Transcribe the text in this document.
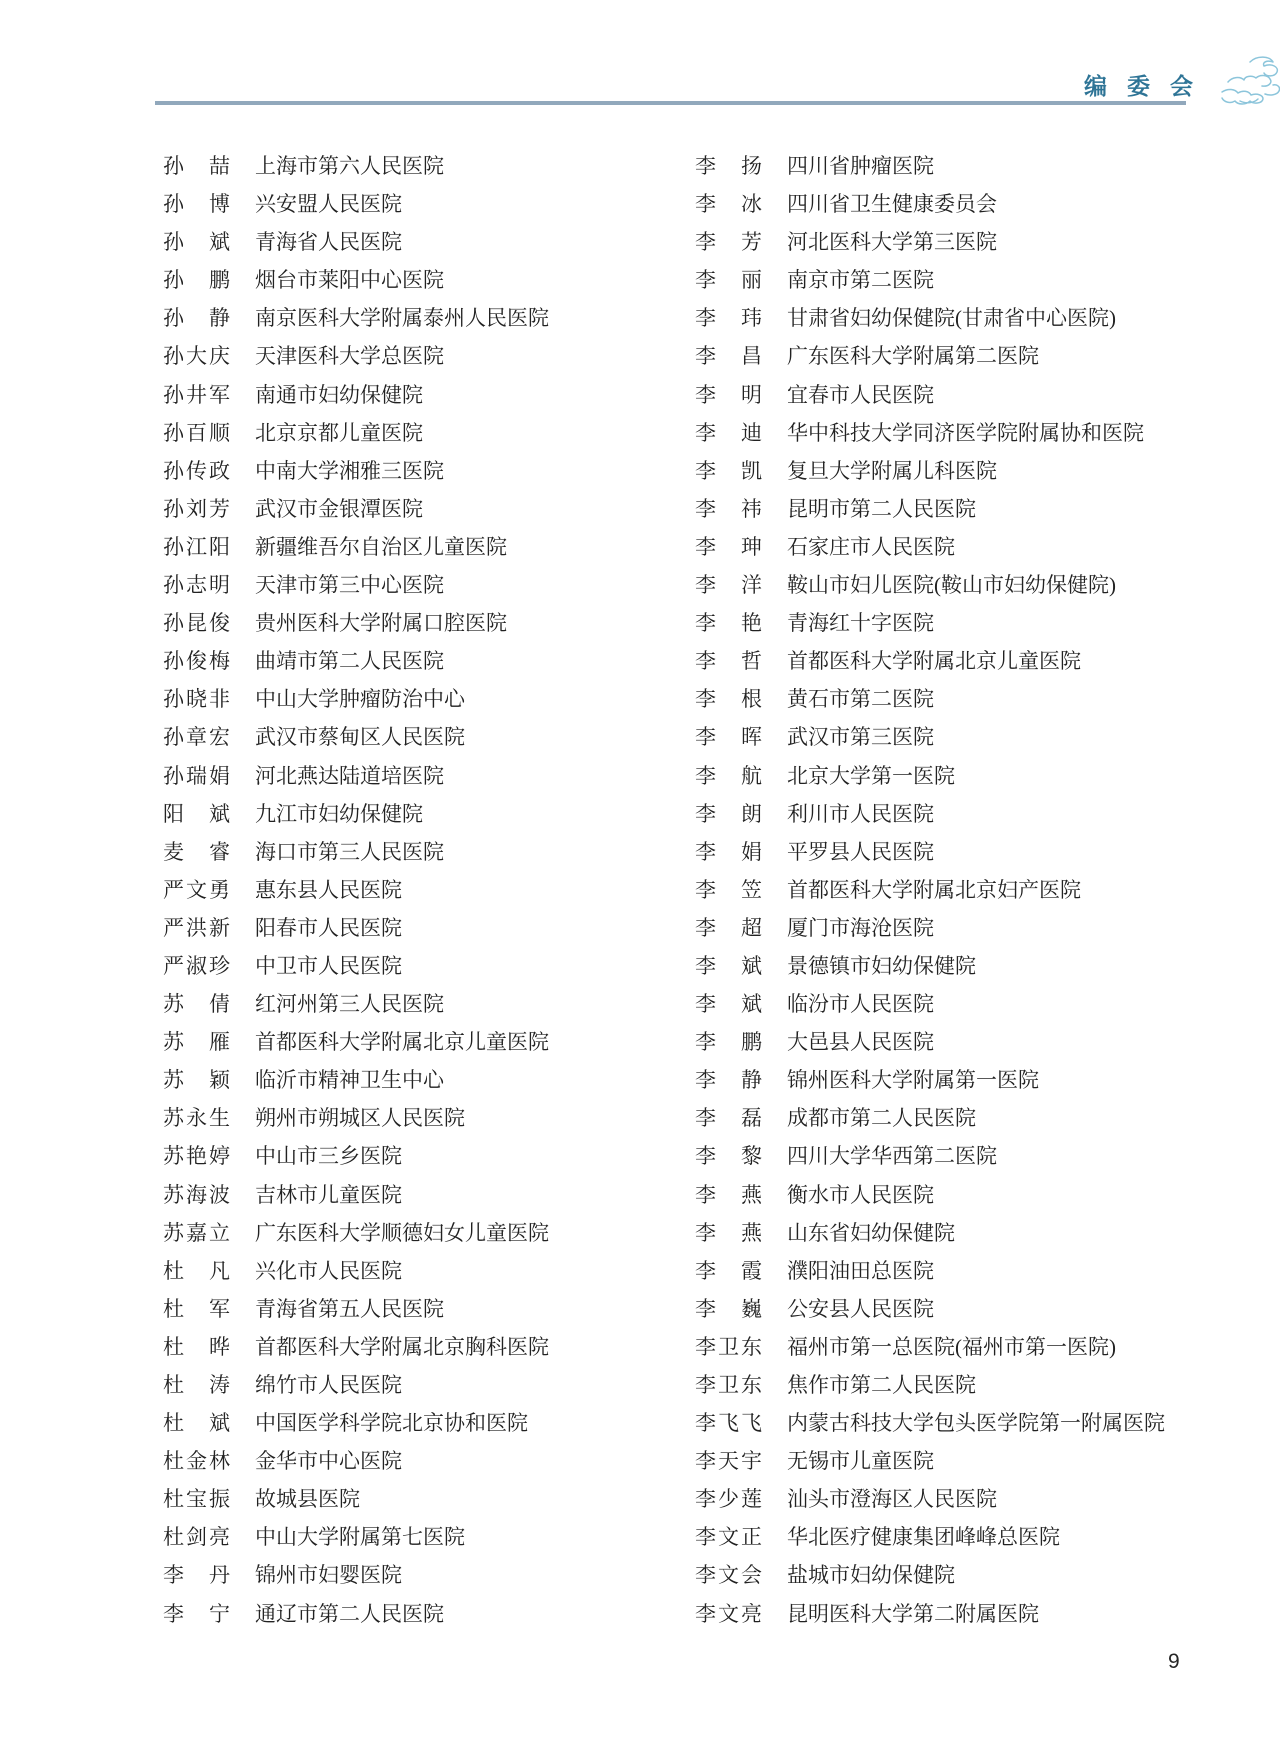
编委会
孙喆 上海市第六人民医院
孙博 兴安盟人民医院
孙斌 青海省人民医院
孙鹏 烟台市莱阳中心医院
孙静 南京医科大学附属泰州人民医院
孙大庆 天津医科大学总医院
孙井军 南通市妇幼保健院
孙百顺 北京京都儿童医院
孙传政 中南大学湘雅三医院
孙刘芳 武汉市金银潭医院
孙江阳 新疆维吾尔自治区儿童医院
孙志明 天津市第三中心医院
孙昆俊 贵州医科大学附属口腔医院
孙俊梅 曲靖市第二人民医院
孙晓非 中山大学肿瘤防治中心
孙章宏 武汉市蔡甸区人民医院
孙瑞娟 河北燕达陆道培医院
阳斌 九江市妇幼保健院
麦睿 海口市第三人民医院
严文勇 惠东县人民医院
严洪新 阳春市人民医院
严淑珍 中卫市人民医院
苏倩 红河州第三人民医院
苏雁 首都医科大学附属北京儿童医院
苏颖 临沂市精神卫生中心
苏永生 朔州市朔城区人民医院
苏艳婷 中山市三乡医院
苏海波 吉林市儿童医院
苏嘉立 广东医科大学顺德妇女儿童医院
杜凡 兴化市人民医院
杜军 青海省第五人民医院
杜晔 首都医科大学附属北京胸科医院
杜涛 绵竹市人民医院
杜斌 中国医学科学院北京协和医院
杜金林 金华市中心医院
杜宝振 故城县医院
杜剑亮 中山大学附属第七医院
李丹 锦州市妇婴医院
李宁 通辽市第二人民医院
李扬 四川省肿瘤医院
李冰 四川省卫生健康委员会
李芳 河北医科大学第三医院
李丽 南京市第二医院
李玮 甘肃省妇幼保健院(甘肃省中心医院)
李昌 广东医科大学附属第二医院
李明 宜春市人民医院
李迪 华中科技大学同济医学院附属协和医院
李凯 复旦大学附属儿科医院
李祎 昆明市第二人民医院
李珅 石家庄市人民医院
李洋 鞍山市妇儿医院(鞍山市妇幼保健院)
李艳 青海红十字医院
李哲 首都医科大学附属北京儿童医院
李根 黄石市第二医院
李晖 武汉市第三医院
李航 北京大学第一医院
李朗 利川市人民医院
李娟 平罗县人民医院
李笠 首都医科大学附属北京妇产医院
李超 厦门市海沧医院
李斌 景德镇市妇幼保健院
李斌 临汾市人民医院
李鹏 大邑县人民医院
李静 锦州医科大学附属第一医院
李磊 成都市第二人民医院
李黎 四川大学华西第二医院
李燕 衡水市人民医院
李燕 山东省妇幼保健院
李霞 濮阳油田总医院
李巍 公安县人民医院
李卫东 福州市第一总医院(福州市第一医院)
李卫东 焦作市第二人民医院
李飞飞 内蒙古科技大学包头医学院第一附属医院
李天宇 无锡市儿童医院
李少莲 汕头市澄海区人民医院
李文正 华北医疗健康集团峰峰总医院
李文会 盐城市妇幼保健院
李文亮 昆明医科大学第二附属医院
9
